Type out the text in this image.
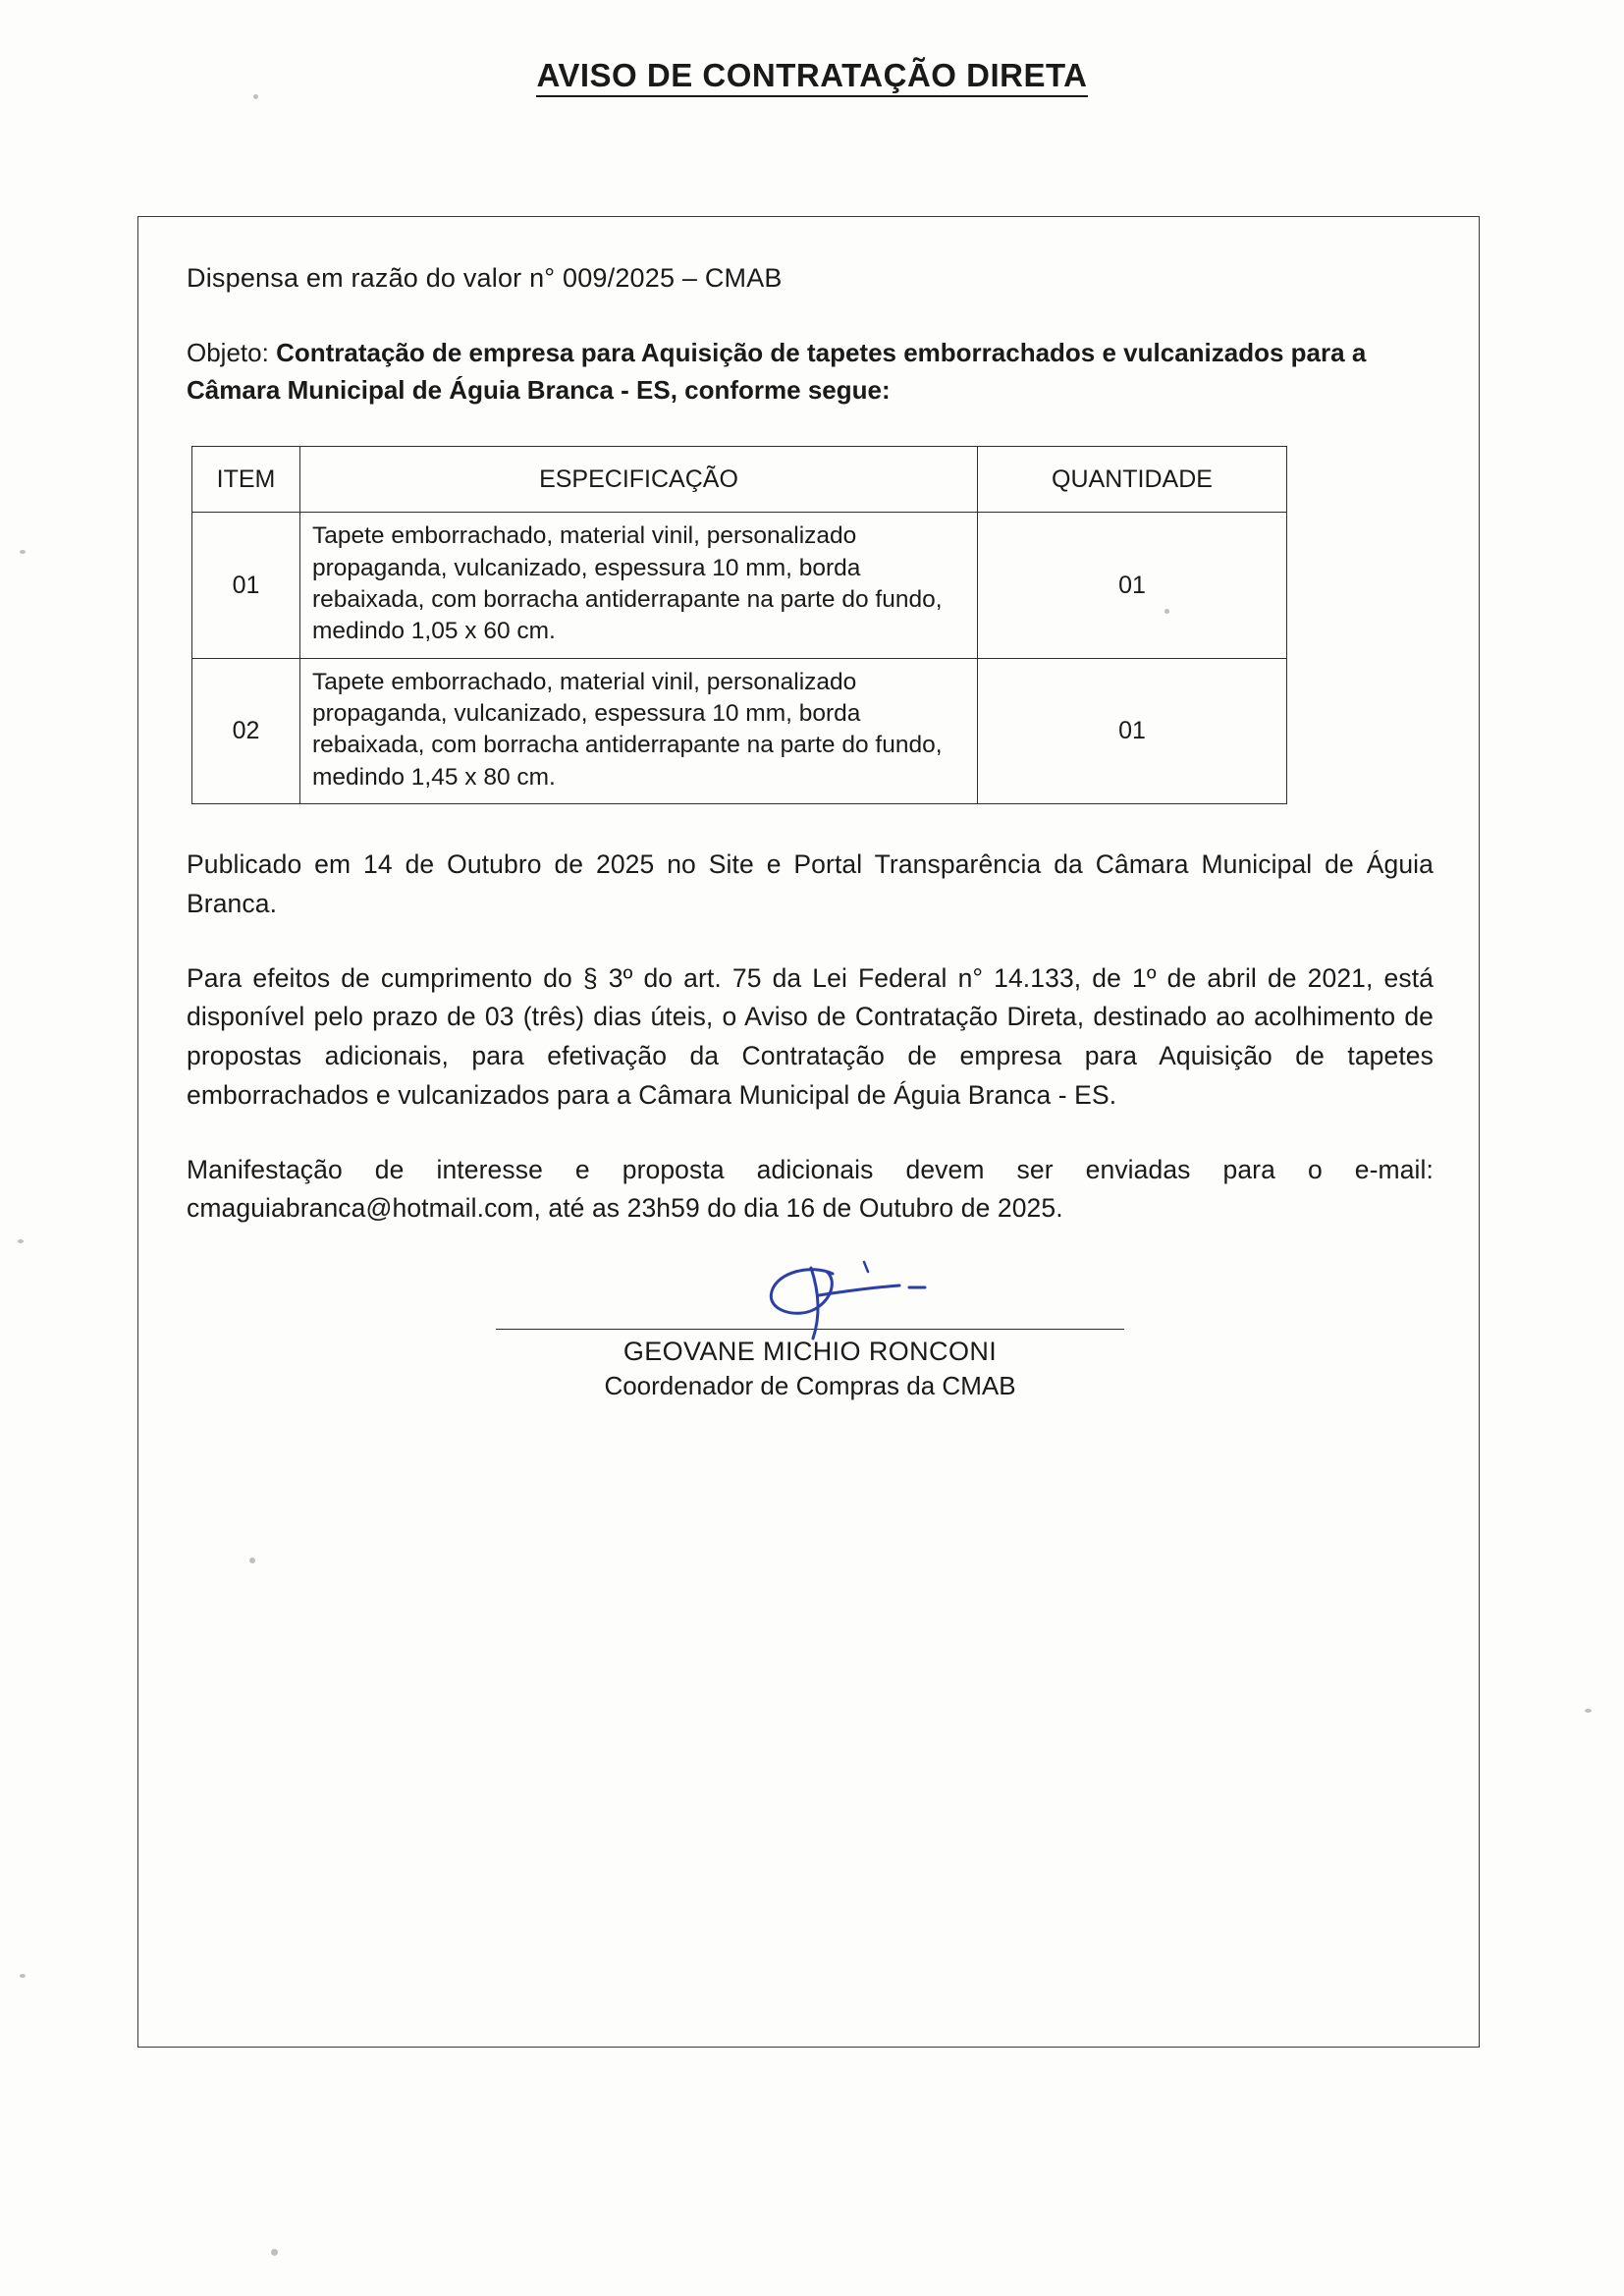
AVISO DE CONTRATAÇÃO DIRETA
Dispensa em razão do valor n° 009/2025 – CMAB
Objeto: Contratação de empresa para Aquisição de tapetes emborrachados e vulcanizados para a Câmara Municipal de Águia Branca - ES, conforme segue:
ITEM	ESPECIFICAÇÃO	QUANTIDADE
01	Tapete emborrachado, material vinil, personalizado propaganda, vulcanizado, espessura 10 mm, borda rebaixada, com borracha antiderrapante na parte do fundo, medindo 1,05 x 60 cm.	01
02	Tapete emborrachado, material vinil, personalizado propaganda, vulcanizado, espessura 10 mm, borda rebaixada, com borracha antiderrapante na parte do fundo, medindo 1,45 x 80 cm.	01
Publicado em 14 de Outubro de 2025 no Site e Portal Transparência da Câmara Municipal de Águia Branca.
Para efeitos de cumprimento do § 3º do art. 75 da Lei Federal n° 14.133, de 1º de abril de 2021, está disponível pelo prazo de 03 (três) dias úteis, o Aviso de Contratação Direta, destinado ao acolhimento de propostas adicionais, para efetivação da Contratação de empresa para Aquisição de tapetes emborrachados e vulcanizados para a Câmara Municipal de Águia Branca - ES.
Manifestação de interesse e proposta adicionais devem ser enviadas para o e-mail: cmaguiabranca@hotmail.com, até as 23h59 do dia 16 de Outubro de 2025.
GEOVANE MICHIO RONCONI
Coordenador de Compras da CMAB
